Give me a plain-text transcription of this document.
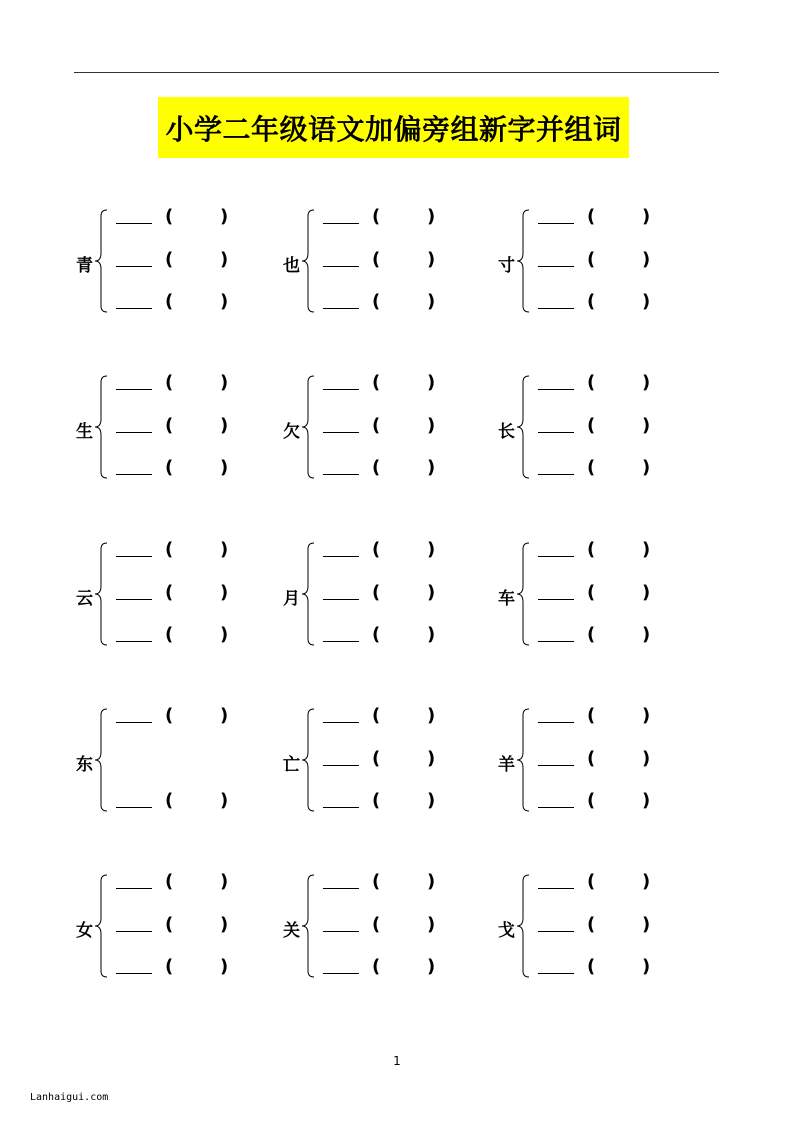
小学二年级语文加偏旁组新字并组词
青
(	)
(	)
(	)
也
(	)
(	)
(	)
寸
(	)
(	)
(	)
生
(	)
(	)
(	)
欠
(	)
(	)
(	)
长
(	)
(	)
(	)
云
(	)
(	)
(	)
月
(	)
(	)
(	)
车
(	)
(	)
(	)
东
(	)
(	)
亡
(	)
(	)
(	)
羊
(	)
(	)
(	)
女
(	)
(	)
(	)
关
(	)
(	)
(	)
戈
(	)
(	)
(	)
1
Lanhaigui.com
